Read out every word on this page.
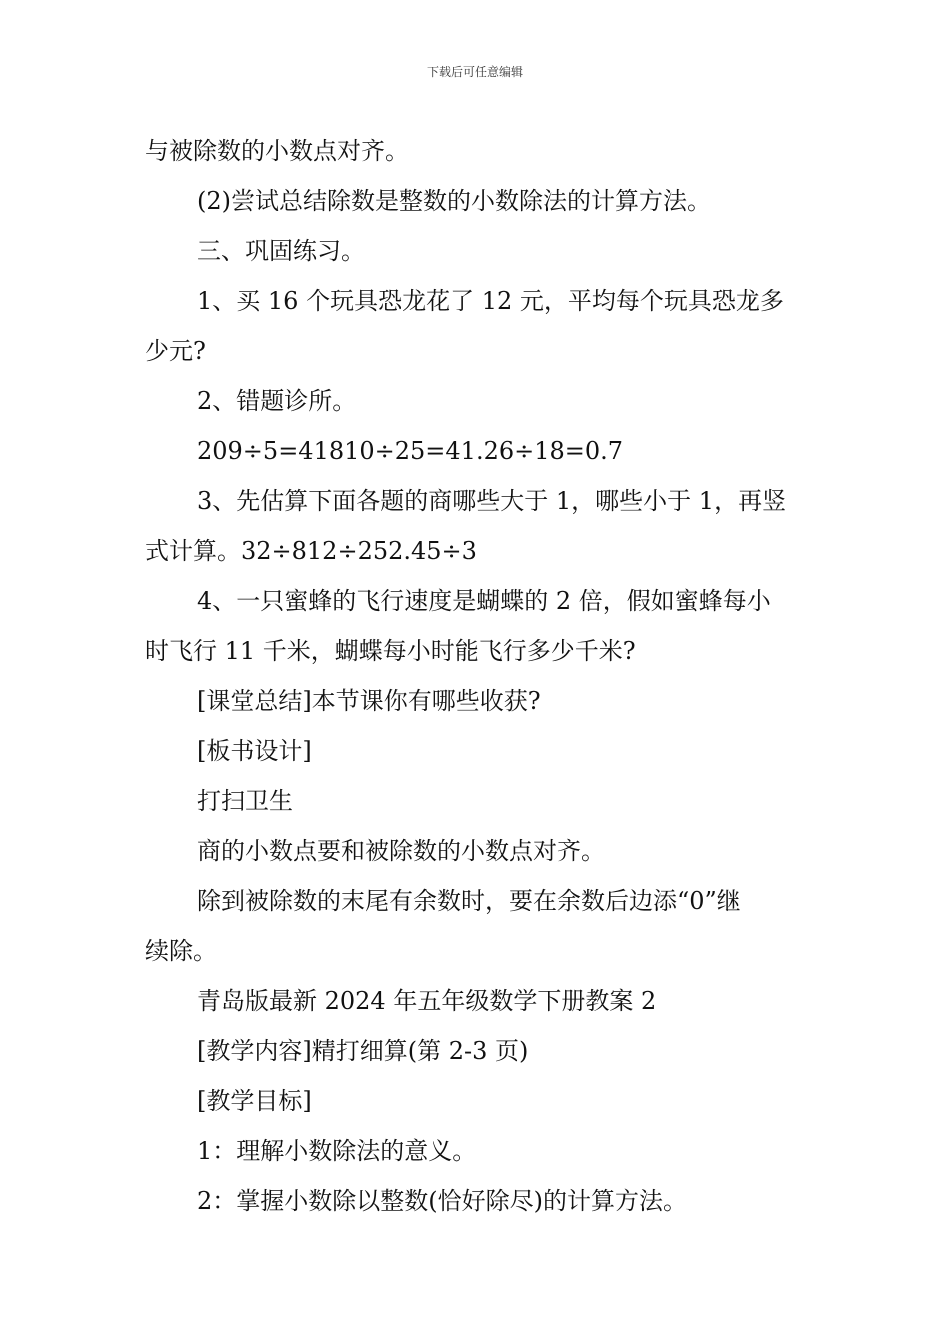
下载后可任意编辑
与被除数的小数点对齐。
(2)尝试总结除数是整数的小数除法的计算方法。
三、巩固练习。
1、买 16 个玩具恐龙花了 12 元，平均每个玩具恐龙多
少元?
2、错题诊所。
209÷5=41810÷25=41.26÷18=0.7
3、先估算下面各题的商哪些大于 1，哪些小于 1，再竖
式计算。32÷812÷252.45÷3
4、一只蜜蜂的飞行速度是蝴蝶的 2 倍，假如蜜蜂每小
时飞行 11 千米，蝴蝶每小时能飞行多少千米?
[课堂总结]本节课你有哪些收获?
[板书设计]
打扫卫生
商的小数点要和被除数的小数点对齐。
除到被除数的末尾有余数时，要在余数后边添“0”继
续除。
青岛版最新 2024 年五年级数学下册教案 2
[教学内容]精打细算(第 2-3 页)
[教学目标]
1：理解小数除法的意义。
2：掌握小数除以整数(恰好除尽)的计算方法。
